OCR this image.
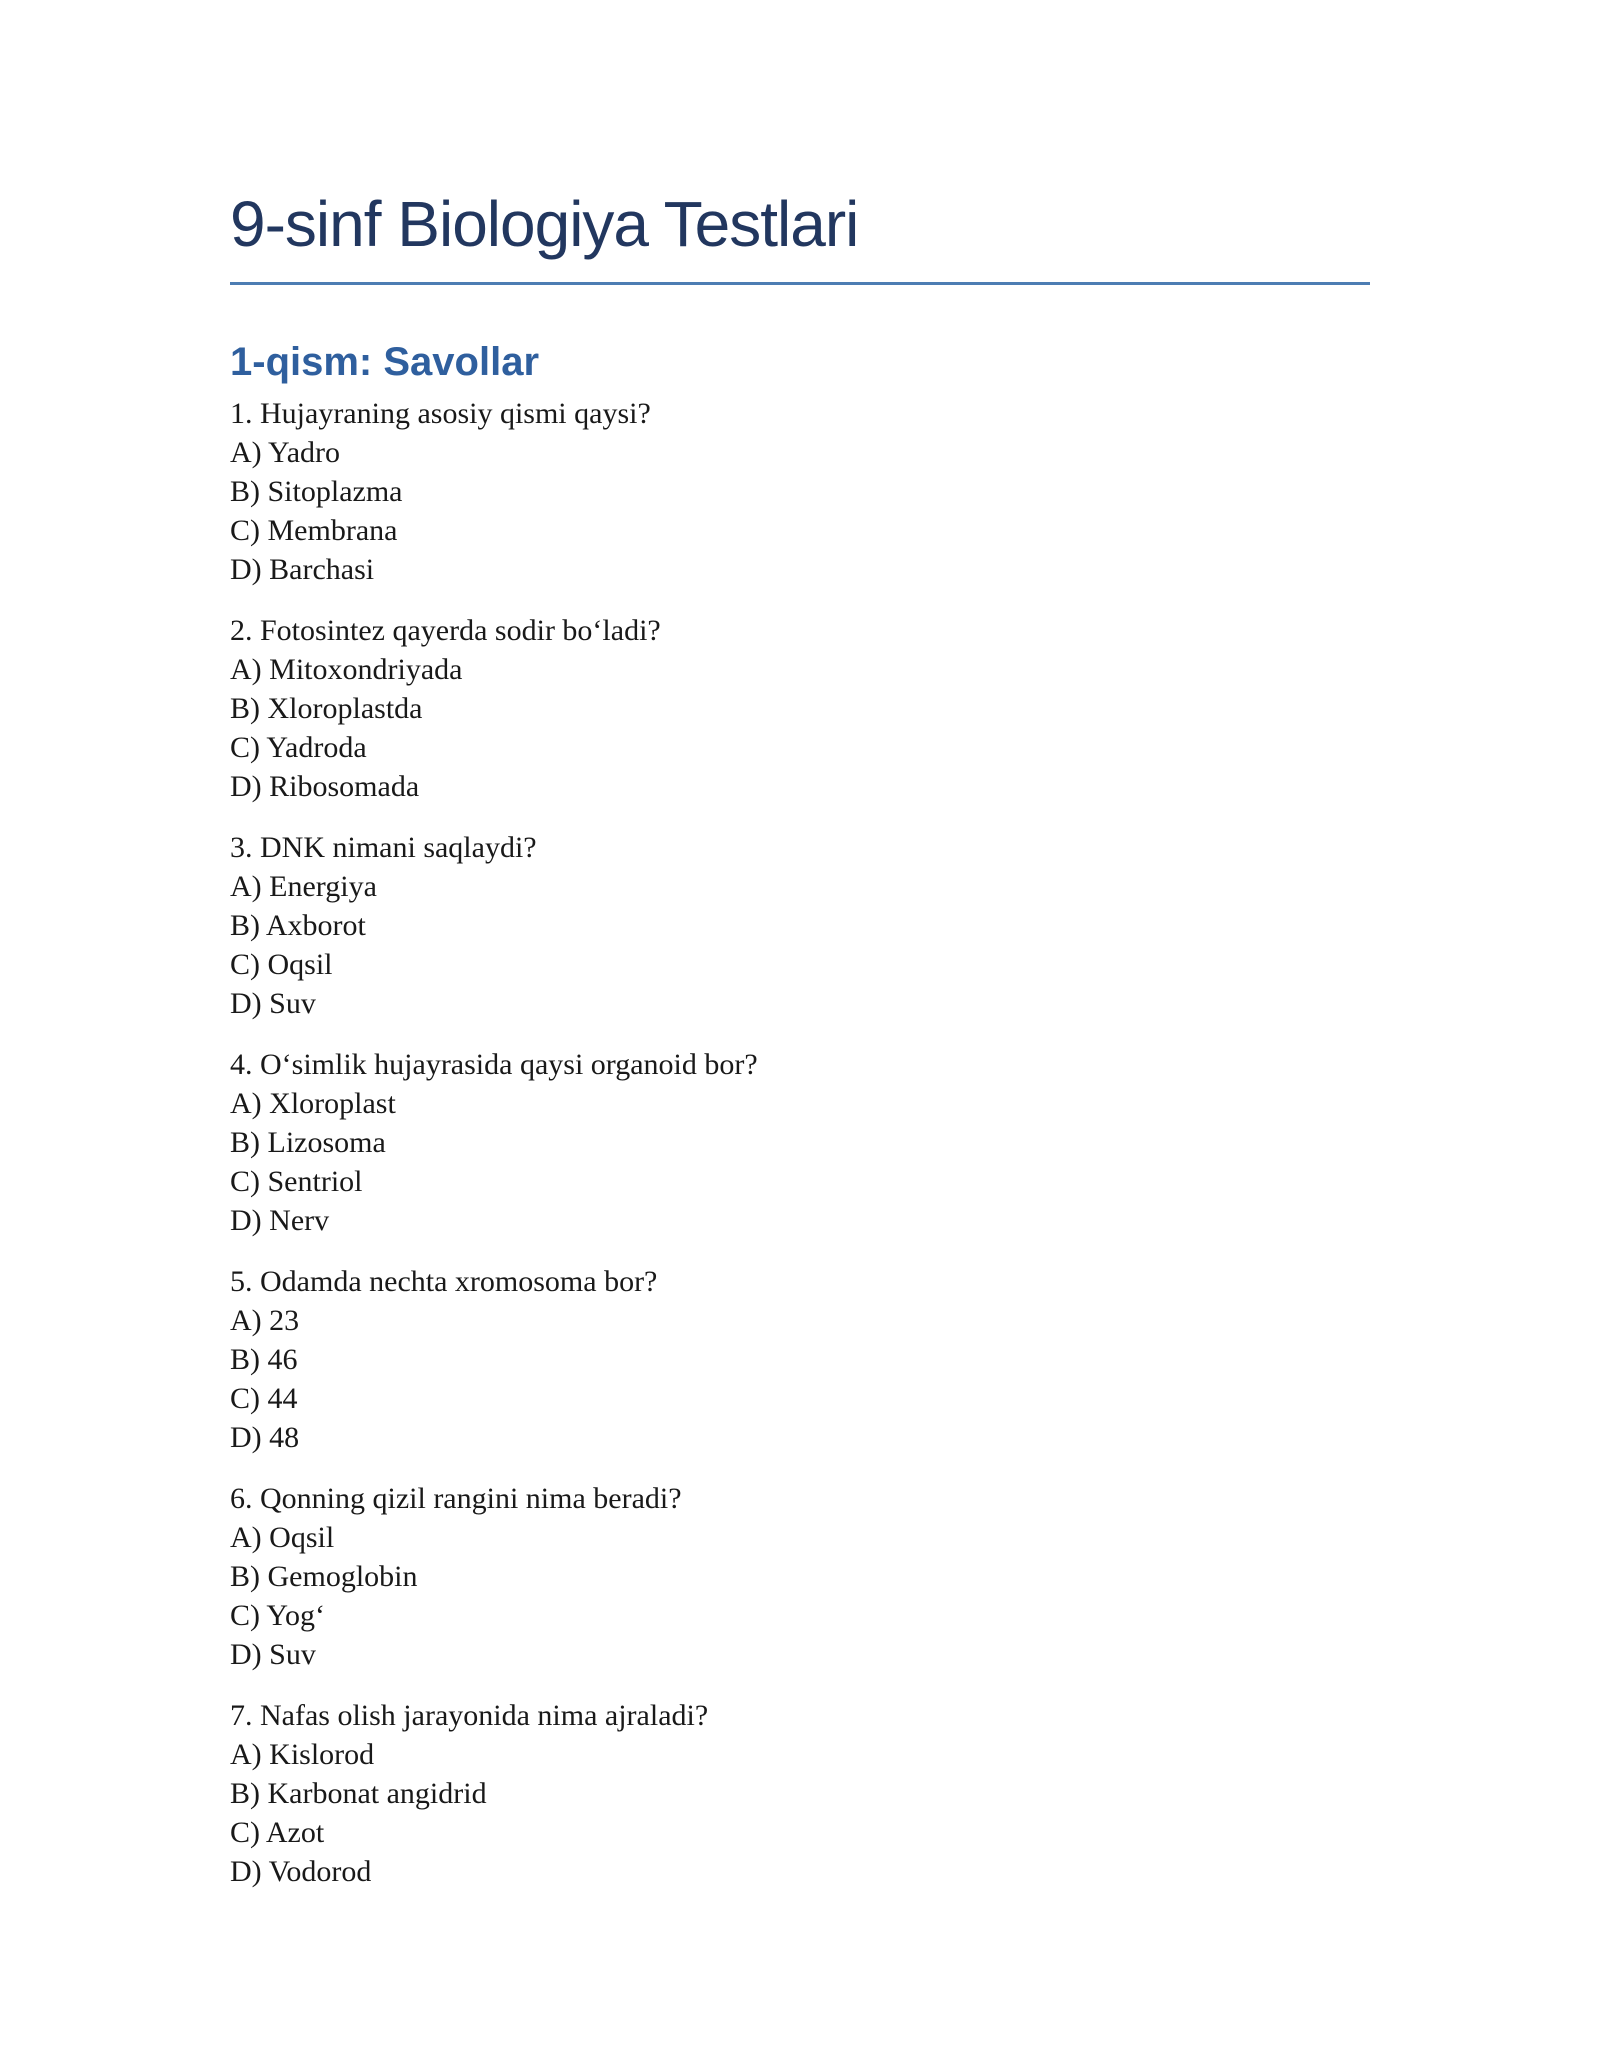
9-sinf Biologiya Testlari
1-qism: Savollar

1. Hujayraning asosiy qismi qaysi?

A) Yadro

B) Sitoplazma

C) Membrana

D) Barchasi

2. Fotosintez qayerda sodir bo‘ladi?

A) Mitoxondriyada

B) Xloroplastda

C) Yadroda

D) Ribosomada

3. DNK nimani saqlaydi?

A) Energiya

B) Axborot

C) Oqsil

D) Suv

4. O‘simlik hujayrasida qaysi organoid bor?

A) Xloroplast

B) Lizosoma

C) Sentriol

D) Nerv

5. Odamda nechta xromosoma bor?

A) 23

B) 46

C) 44

D) 48

6. Qonning qizil rangini nima beradi?

A) Oqsil

B) Gemoglobin

C) Yog‘

D) Suv

7. Nafas olish jarayonida nima ajraladi?

A) Kislorod

B) Karbonat angidrid

C) Azot

D) Vodorod
